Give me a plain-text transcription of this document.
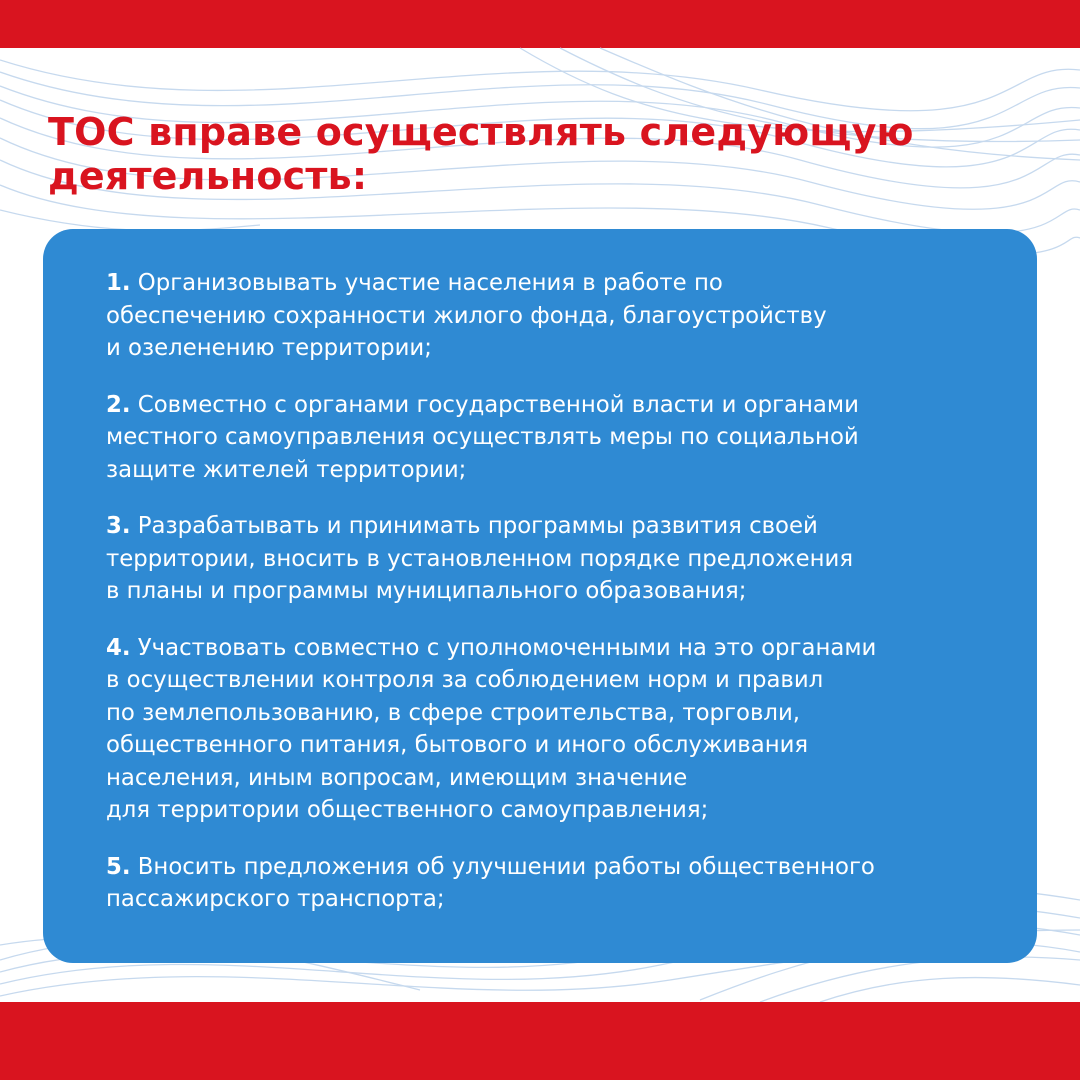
ТОС вправе осуществлять следующую
деятельность:
1. Организовывать участие населения в работе по
обеспечению сохранности жилого фонда, благоустройству
и озеленению территории;
2. Совместно с органами государственной власти и органами
местного самоуправления осуществлять меры по социальной
защите жителей территории;
3. Разрабатывать и принимать программы развития своей
территории, вносить в установленном порядке предложения
в планы и программы муниципального образования;
4. Участвовать совместно с уполномоченными на это органами
в осуществлении контроля за соблюдением норм и правил
по землепользованию, в сфере строительства, торговли,
общественного питания, бытового и иного обслуживания
населения, иным вопросам, имеющим значение
для территории общественного самоуправления;
5. Вносить предложения об улучшении работы общественного
пассажирского транспорта;
